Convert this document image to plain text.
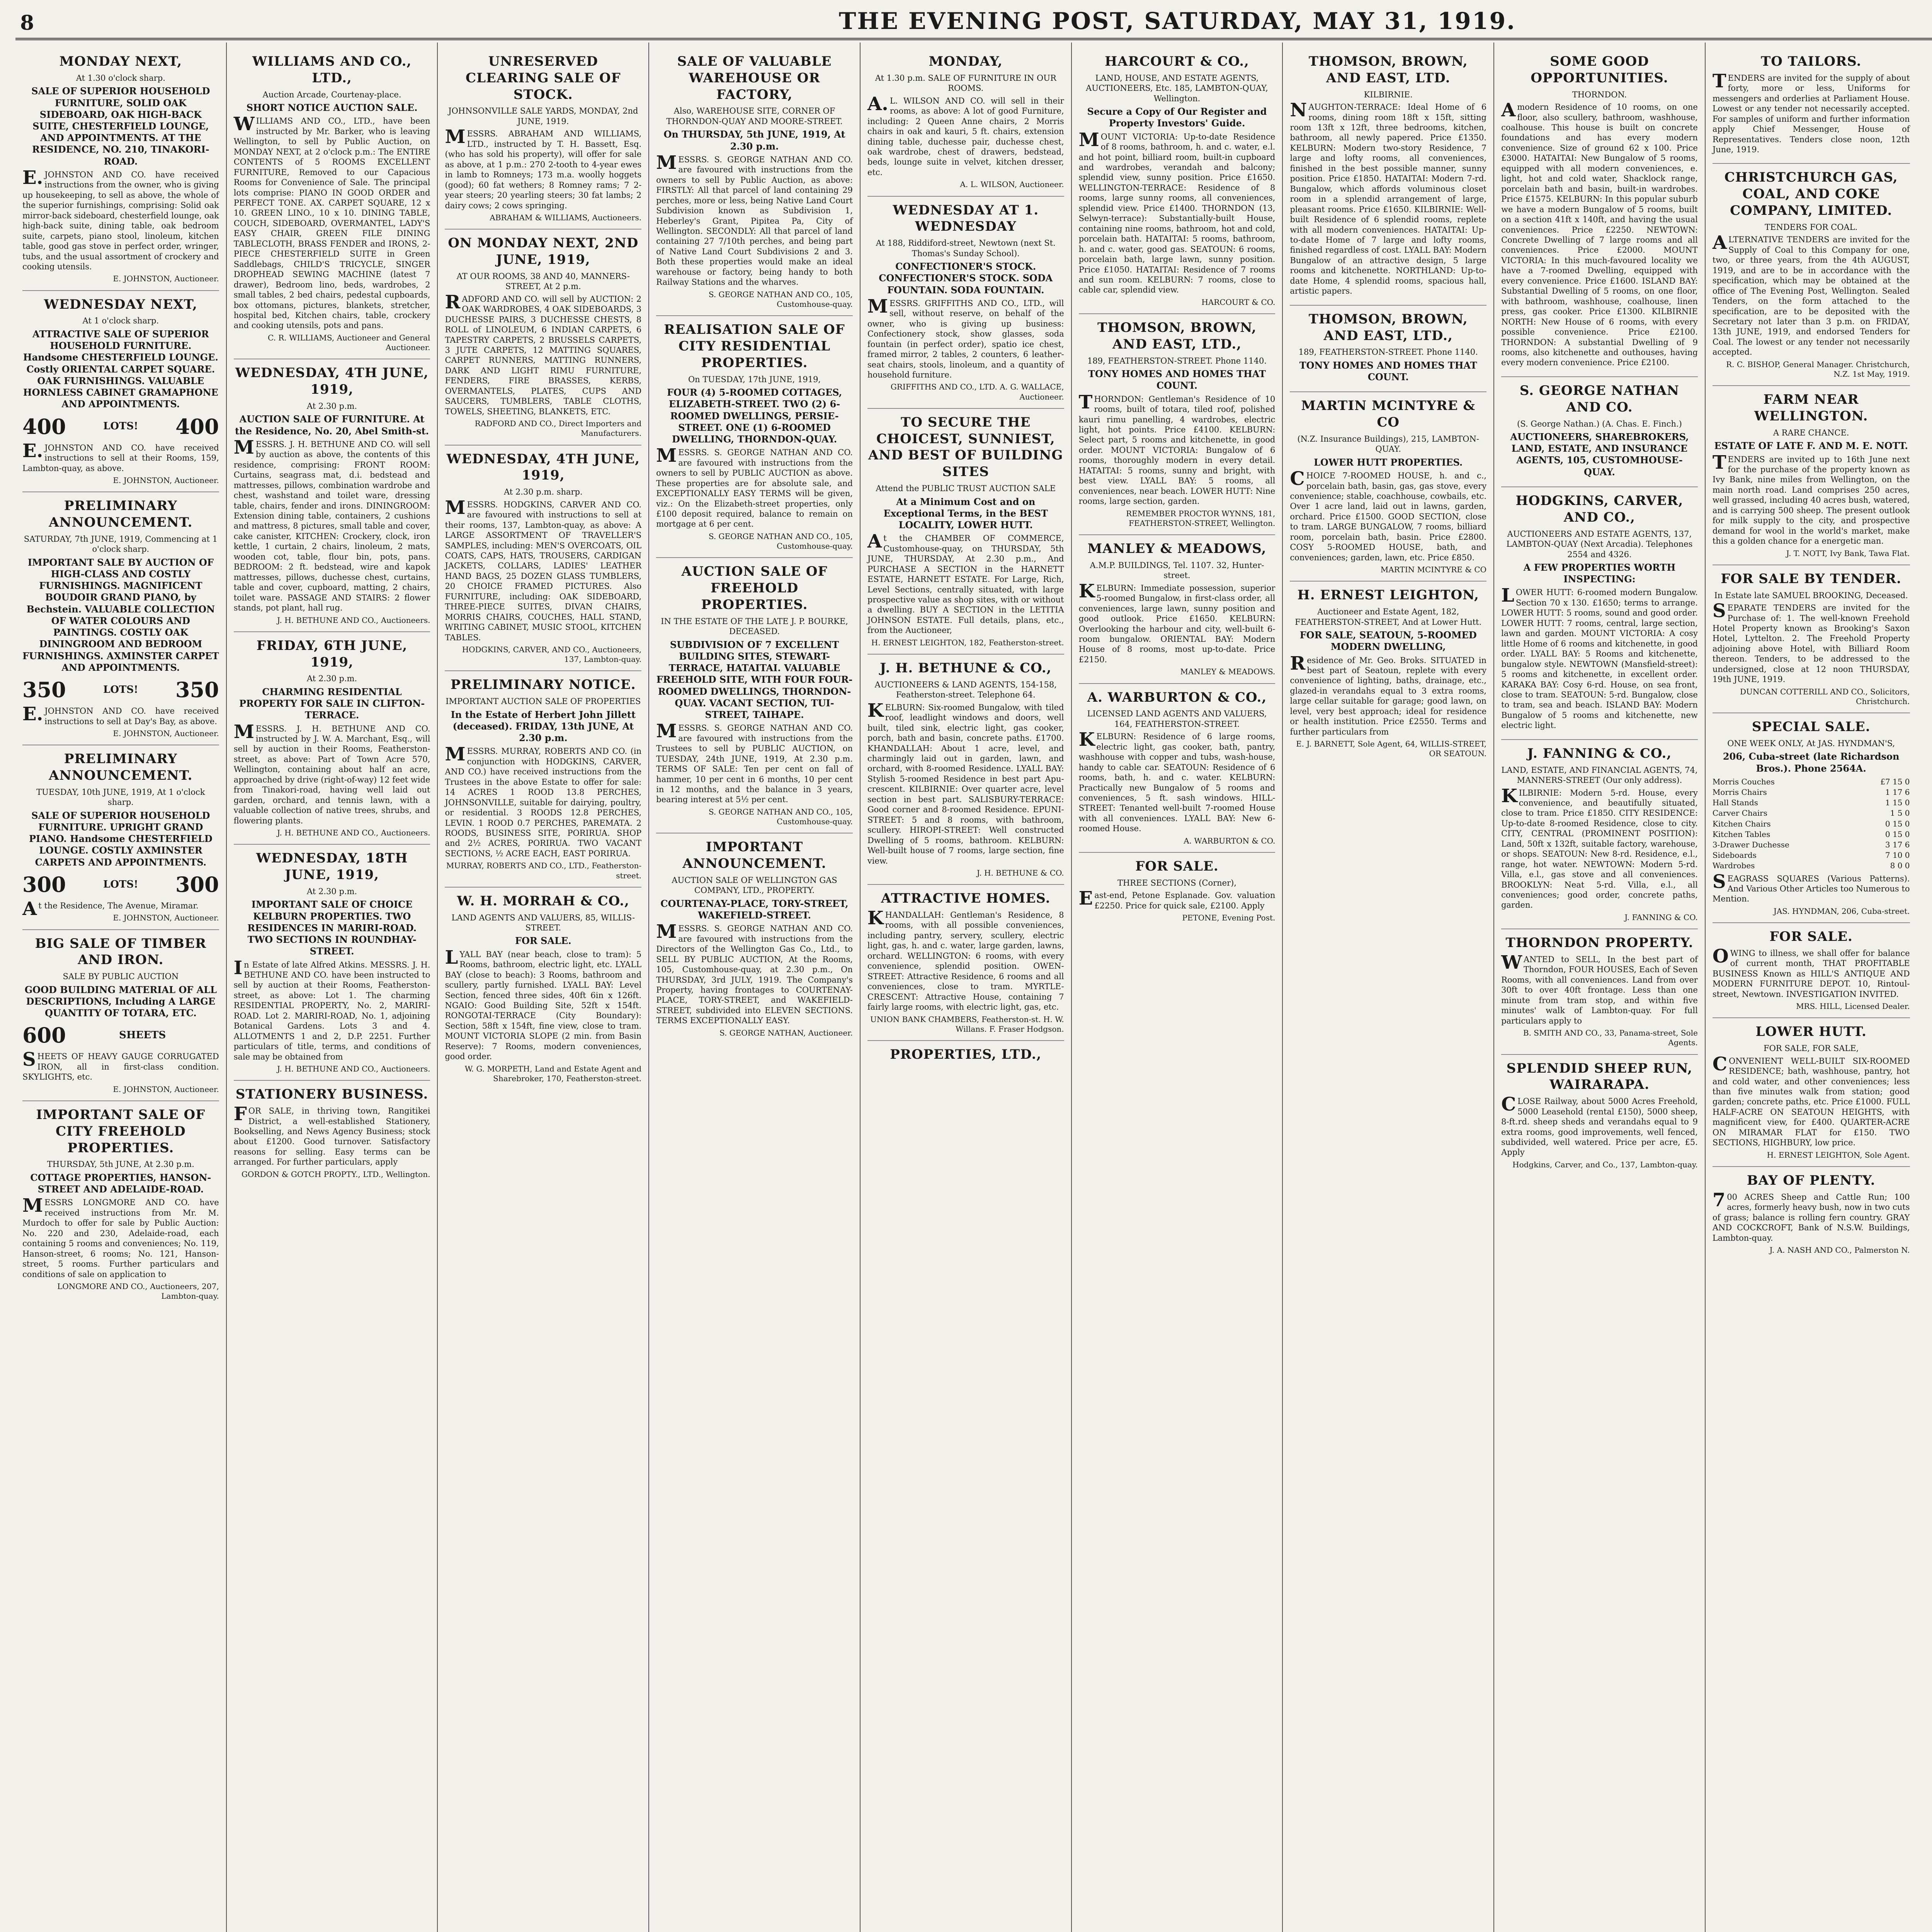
8	THE EVENING POST, SATURDAY, MAY 31, 1919.
MONDAY NEXT,
At 1.30 o'clock sharp.
SALE OF SUPERIOR HOUSEHOLD FURNITURE, SOLID OAK SIDEBOARD, OAK HIGH-BACK SUITE, CHESTERFIELD LOUNGE, AND APPOINTMENTS. AT THE RESIDENCE, NO. 210, TINAKORI-ROAD.

E.JOHNSTON AND CO. have received instructions from the owner, who is giving up housekeeping, to sell as above, the whole of the superior furnishings, comprising: Solid oak mirror-back sideboard, chesterfield lounge, oak high-back suite, dining table, oak bedroom suite, carpets, piano stool, linoleum, kitchen table, good gas stove in perfect order, wringer, tubs, and the usual assortment of crockery and cooking utensils.

E. JOHNSTON, Auctioneer.
WEDNESDAY NEXT,
At 1 o'clock sharp.
ATTRACTIVE SALE OF SUPERIOR HOUSEHOLD FURNITURE. Handsome CHESTERFIELD LOUNGE. Costly ORIENTAL CARPET SQUARE. OAK FURNISHINGS. VALUABLE HORNLESS CABINET GRAMAPHONE AND APPOINTMENTS.
400	LOTS! 400

E.JOHNSTON AND CO. have received instructions to sell at their Rooms, 159, Lambton-quay, as above.

E. JOHNSTON, Auctioneer.
PRELIMINARY ANNOUNCEMENT.
SATURDAY, 7th JUNE, 1919, Commencing at 1 o'clock sharp.
IMPORTANT SALE BY AUCTION OF HIGH-CLASS AND COSTLY FURNISHINGS. MAGNIFICENT BOUDOIR GRAND PIANO, by Bechstein. VALUABLE COLLECTION OF WATER COLOURS AND PAINTINGS. COSTLY OAK DININGROOM AND BEDROOM FURNISHINGS. AXMINSTER CARPET AND APPOINTMENTS.
350	LOTS! 350

E.JOHNSTON AND CO. have received instructions to sell at Day's Bay, as above.

E. JOHNSTON, Auctioneer.
PRELIMINARY ANNOUNCEMENT.
TUESDAY, 10th JUNE, 1919, At 1 o'clock sharp.
SALE OF SUPERIOR HOUSEHOLD FURNITURE. UPRIGHT GRAND PIANO. Handsome CHESTERFIELD LOUNGE. COSTLY AXMINSTER CARPETS AND APPOINTMENTS.
300	LOTS! 300

At the Residence, The Avenue, Miramar.

E. JOHNSTON, Auctioneer.
BIG SALE OF TIMBER AND IRON.
SALE BY PUBLIC AUCTION
GOOD BUILDING MATERIAL OF ALL DESCRIPTIONS, Including A LARGE QUANTITY OF TOTARA, ETC.
600	SHEETS

SHEETS OF HEAVY GAUGE CORRUGATED IRON, all in first-class condition. SKYLIGHTS, etc.

E. JOHNSTON, Auctioneer.
IMPORTANT SALE OF CITY FREEHOLD PROPERTIES.
THURSDAY, 5th JUNE, At 2.30 p.m.
COTTAGE PROPERTIES, HANSON-STREET AND ADELAIDE-ROAD.

MESSRS LONGMORE AND CO. have received instructions from Mr. M. Murdoch to offer for sale by Public Auction: No. 220 and 230, Adelaide-road, each containing 5 rooms and conveniences; No. 119, Hanson-street, 6 rooms; No. 121, Hanson-street, 5 rooms. Further particulars and conditions of sale on application to

LONGMORE AND CO., Auctioneers, 207, Lambton-quay.
WILLIAMS AND CO., LTD.,
Auction Arcade, Courtenay-place.
SHORT NOTICE AUCTION SALE.

WILLIAMS AND CO., LTD., have been instructed by Mr. Barker, who is leaving Wellington, to sell by Public Auction, on MONDAY NEXT, at 2 o'clock p.m.: The ENTIRE CONTENTS of 5 ROOMS EXCELLENT FURNITURE, Removed to our Capacious Rooms for Convenience of Sale. The principal lots comprise: PIANO IN GOOD ORDER and PERFECT TONE. AX. CARPET SQUARE, 12 x 10. GREEN LINO., 10 x 10. DINING TABLE, COUCH, SIDEBOARD, OVERMANTEL, LADY'S EASY CHAIR, GREEN FILE DINING TABLECLOTH, BRASS FENDER and IRONS, 2-PIECE CHESTERFIELD SUITE in Green Saddlebags, CHILD'S TRICYCLE, SINGER DROPHEAD SEWING MACHINE (latest 7 drawer), Bedroom lino, beds, wardrobes, 2 small tables, 2 bed chairs, pedestal cupboards, box ottomans, pictures, blankets, stretcher, hospital bed, Kitchen chairs, table, crockery and cooking utensils, pots and pans.

C. R. WILLIAMS, Auctioneer and General Auctioneer.
WEDNESDAY, 4TH JUNE, 1919,
At 2.30 p.m.
AUCTION SALE OF FURNITURE. At the Residence, No. 20, Abel Smith-st.

MESSRS. J. H. BETHUNE AND CO. will sell by auction as above, the contents of this residence, comprising: FRONT ROOM: Curtains, seagrass mat, d.i. bedstead and mattresses, pillows, combination wardrobe and chest, washstand and toilet ware, dressing table, chairs, fender and irons. DININGROOM: Extension dining table, containers, 2 cushions and mattress, 8 pictures, small table and cover, cake canister, KITCHEN: Crockery, clock, iron kettle, 1 curtain, 2 chairs, linoleum, 2 mats, wooden cot, table, flour bin, pots, pans. BEDROOM: 2 ft. bedstead, wire and kapok mattresses, pillows, duchesse chest, curtains, table and cover, cupboard, matting, 2 chairs, toilet ware. PASSAGE AND STAIRS: 2 flower stands, pot plant, hall rug.

J. H. BETHUNE AND CO., Auctioneers.
FRIDAY, 6TH JUNE, 1919,
At 2.30 p.m.
CHARMING RESIDENTIAL PROPERTY FOR SALE IN CLIFTON-TERRACE.

MESSRS. J. H. BETHUNE AND CO. instructed by J. W. A. Marchant, Esq., will sell by auction in their Rooms, Featherston-street, as above: Part of Town Acre 570, Wellington, containing about half an acre, approached by drive (right-of-way) 12 feet wide from Tinakori-road, having well laid out garden, orchard, and tennis lawn, with a valuable collection of native trees, shrubs, and flowering plants.

J. H. BETHUNE AND CO., Auctioneers.
WEDNESDAY, 18TH JUNE, 1919,
At 2.30 p.m.
IMPORTANT SALE OF CHOICE KELBURN PROPERTIES. TWO RESIDENCES IN MARIRI-ROAD. TWO SECTIONS IN ROUNDHAY-STREET.

In Estate of late Alfred Atkins. MESSRS. J. H. BETHUNE AND CO. have been instructed to sell by auction at their Rooms, Featherston-street, as above: Lot 1. The charming RESIDENTIAL PROPERTY, No. 2, MARIRI-ROAD. Lot 2. MARIRI-ROAD, No. 1, adjoining Botanical Gardens. Lots 3 and 4. ALLOTMENTS 1 and 2, D.P. 2251. Further particulars of title, terms, and conditions of sale may be obtained from

J. H. BETHUNE AND CO., Auctioneers.
STATIONERY BUSINESS.

FOR SALE, in thriving town, Rangitikei District, a well-established Stationery, Bookselling, and News Agency Business; stock about £1200. Good turnover. Satisfactory reasons for selling. Easy terms can be arranged. For further particulars, apply

GORDON & GOTCH PROPTY., LTD., Wellington.
UNRESERVED CLEARING SALE OF STOCK.
JOHNSONVILLE SALE YARDS, MONDAY, 2nd JUNE, 1919.

MESSRS. ABRAHAM AND WILLIAMS, LTD., instructed by T. H. Bassett, Esq. (who has sold his property), will offer for sale as above, at 1 p.m.: 270 2-tooth to 4-year ewes in lamb to Romneys; 173 m.a. woolly hoggets (good); 60 fat wethers; 8 Romney rams; 7 2-year steers; 20 yearling steers; 30 fat lambs; 2 dairy cows; 2 cows springing.

ABRAHAM & WILLIAMS, Auctioneers.
ON MONDAY NEXT, 2ND JUNE, 1919,
AT OUR ROOMS, 38 AND 40, MANNERS-STREET, At 2 p.m.

RADFORD AND CO. will sell by AUCTION: 2 OAK WARDROBES, 4 OAK SIDEBOARDS, 3 DUCHESSE PAIRS, 3 DUCHESSE CHESTS, 8 ROLL of LINOLEUM, 6 INDIAN CARPETS, 6 TAPESTRY CARPETS, 2 BRUSSELS CARPETS, 3 JUTE CARPETS, 12 MATTING SQUARES, CARPET RUNNERS, MATTING RUNNERS, DARK AND LIGHT RIMU FURNITURE, FENDERS, FIRE BRASSES, KERBS, OVERMANTELS, PLATES, CUPS AND SAUCERS, TUMBLERS, TABLE CLOTHS, TOWELS, SHEETING, BLANKETS, ETC.

RADFORD AND CO., Direct Importers and Manufacturers.
WEDNESDAY, 4TH JUNE, 1919,
At 2.30 p.m. sharp.

MESSRS. HODGKINS, CARVER AND CO. are favoured with instructions to sell at their rooms, 137, Lambton-quay, as above: A LARGE ASSORTMENT OF TRAVELLER'S SAMPLES, including: MEN'S OVERCOATS, OIL COATS, CAPS, HATS, TROUSERS, CARDIGAN JACKETS, COLLARS, LADIES' LEATHER HAND BAGS, 25 DOZEN GLASS TUMBLERS, 20 CHOICE FRAMED PICTURES. Also FURNITURE, including: OAK SIDEBOARD, THREE-PIECE SUITES, DIVAN CHAIRS, MORRIS CHAIRS, COUCHES, HALL STAND, WRITING CABINET, MUSIC STOOL, KITCHEN TABLES.

HODGKINS, CARVER, AND CO., Auctioneers, 137, Lambton-quay.
PRELIMINARY NOTICE.
IMPORTANT AUCTION SALE OF PROPERTIES
In the Estate of Herbert John Jillett (deceased). FRIDAY, 13th JUNE, At 2.30 p.m.

MESSRS. MURRAY, ROBERTS AND CO. (in conjunction with HODGKINS, CARVER, AND CO.) have received instructions from the Trustees in the above Estate to offer for sale: 14 ACRES 1 ROOD 13.8 PERCHES, JOHNSONVILLE, suitable for dairying, poultry, or residential. 3 ROODS 12.8 PERCHES, LEVIN. 1 ROOD 0.7 PERCHES, PAREMATA. 2 ROODS, BUSINESS SITE, PORIRUA. SHOP and 2½ ACRES, PORIRUA. TWO VACANT SECTIONS, ½ ACRE EACH, EAST PORIRUA.

MURRAY, ROBERTS AND CO., LTD., Featherston-street.
W. H. MORRAH & CO.,
LAND AGENTS AND VALUERS, 85, WILLIS-STREET.
FOR SALE.

LYALL BAY (near beach, close to tram): 5 Rooms, bathroom, electric light, etc. LYALL BAY (close to beach): 3 Rooms, bathroom and scullery, partly furnished. LYALL BAY: Level Section, fenced three sides, 40ft 6in x 126ft. NGAIO: Good Building Site, 52ft x 154ft. RONGOTAI-TERRACE (City Boundary): Section, 58ft x 154ft, fine view, close to tram. MOUNT VICTORIA SLOPE (2 min. from Basin Reserve): 7 Rooms, modern conveniences, good order.

W. G. MORPETH, Land and Estate Agent and Sharebroker, 170, Featherston-street.
SALE OF VALUABLE WAREHOUSE OR FACTORY,
Also, WAREHOUSE SITE, CORNER OF THORNDON-QUAY AND MOORE-STREET.
On THURSDAY, 5th JUNE, 1919, At 2.30 p.m.

MESSRS. S. GEORGE NATHAN AND CO. are favoured with instructions from the owners to sell by Public Auction, as above: FIRSTLY: All that parcel of land containing 29 perches, more or less, being Native Land Court Subdivision known as Subdivision 1, Heberley's Grant, Pipitea Pa, City of Wellington. SECONDLY: All that parcel of land containing 27 7/10th perches, and being part of Native Land Court Subdivisions 2 and 3. Both these properties would make an ideal warehouse or factory, being handy to both Railway Stations and the wharves.

S. GEORGE NATHAN AND CO., 105, Customhouse-quay.
REALISATION SALE OF CITY RESIDENTIAL PROPERTIES.
On TUESDAY, 17th JUNE, 1919,
FOUR (4) 5-ROOMED COTTAGES, ELIZABETH-STREET. TWO (2) 6-ROOMED DWELLINGS, PERSIE-STREET. ONE (1) 6-ROOMED DWELLING, THORNDON-QUAY.

MESSRS. S. GEORGE NATHAN AND CO. are favoured with instructions from the owners to sell by PUBLIC AUCTION as above. These properties are for absolute sale, and EXCEPTIONALLY EASY TERMS will be given, viz.: On the Elizabeth-street properties, only £100 deposit required, balance to remain on mortgage at 6 per cent.

S. GEORGE NATHAN AND CO., 105, Customhouse-quay.
AUCTION SALE OF FREEHOLD PROPERTIES.
IN THE ESTATE OF THE LATE J. P. BOURKE, DECEASED.
SUBDIVISION OF 7 EXCELLENT BUILDING SITES, STEWART-TERRACE, HATAITAI. VALUABLE FREEHOLD SITE, WITH FOUR FOUR-ROOMED DWELLINGS, THORNDON-QUAY. VACANT SECTION, TUI-STREET, TAIHAPE.

MESSRS. S. GEORGE NATHAN AND CO. are favoured with instructions from the Trustees to sell by PUBLIC AUCTION, on TUESDAY, 24th JUNE, 1919, At 2.30 p.m. TERMS OF SALE: Ten per cent on fall of hammer, 10 per cent in 6 months, 10 per cent in 12 months, and the balance in 3 years, bearing interest at 5½ per cent.

S. GEORGE NATHAN AND CO., 105, Customhouse-quay.
IMPORTANT ANNOUNCEMENT.
AUCTION SALE OF WELLINGTON GAS COMPANY, LTD., PROPERTY.
COURTENAY-PLACE, TORY-STREET, WAKEFIELD-STREET.

MESSRS. S. GEORGE NATHAN AND CO. are favoured with instructions from the Directors of the Wellington Gas Co., Ltd., to SELL BY PUBLIC AUCTION, At the Rooms, 105, Customhouse-quay, at 2.30 p.m., On THURSDAY, 3rd JULY, 1919. The Company's Property, having frontages to COURTENAY-PLACE, TORY-STREET, and WAKEFIELD-STREET, subdivided into ELEVEN SECTIONS. TERMS EXCEPTIONALLY EASY.

S. GEORGE NATHAN, Auctioneer.
MONDAY,
At 1.30 p.m. SALE OF FURNITURE IN OUR ROOMS.

A.L. WILSON AND CO. will sell in their rooms, as above: A lot of good Furniture, including: 2 Queen Anne chairs, 2 Morris chairs in oak and kauri, 5 ft. chairs, extension dining table, duchesse pair, duchesse chest, oak wardrobe, chest of drawers, bedstead, beds, lounge suite in velvet, kitchen dresser, etc.

A. L. WILSON, Auctioneer.
WEDNESDAY AT 1. WEDNESDAY
At 188, Riddiford-street, Newtown (next St. Thomas's Sunday School).
CONFECTIONER'S STOCK. CONFECTIONER'S STOCK. SODA FOUNTAIN. SODA FOUNTAIN.

MESSRS. GRIFFITHS AND CO., LTD., will sell, without reserve, on behalf of the owner, who is giving up business: Confectionery stock, show glasses, soda fountain (in perfect order), spatio ice chest, framed mirror, 2 tables, 2 counters, 6 leather-seat chairs, stools, linoleum, and a quantity of household furniture.

GRIFFITHS AND CO., LTD. A. G. WALLACE, Auctioneer.
TO SECURE THE CHOICEST, SUNNIEST, AND BEST OF BUILDING SITES
Attend the PUBLIC TRUST AUCTION SALE
At a Minimum Cost and on Exceptional Terms, in the BEST LOCALITY, LOWER HUTT.

At the CHAMBER OF COMMERCE, Customhouse-quay, on THURSDAY, 5th JUNE, THURSDAY, At 2.30 p.m., And PURCHASE A SECTION in the HARNETT ESTATE, HARNETT ESTATE. For Large, Rich, Level Sections, centrally situated, with large prospective value as shop sites, with or without a dwelling. BUY A SECTION in the LETITIA JOHNSON ESTATE. Full details, plans, etc., from the Auctioneer,

H. ERNEST LEIGHTON, 182, Featherston-street.
J. H. BETHUNE & CO.,
AUCTIONEERS & LAND AGENTS, 154-158, Featherston-street. Telephone 64.

KELBURN: Six-roomed Bungalow, with tiled roof, leadlight windows and doors, well built, tiled sink, electric light, gas cooker, porch, bath and basin, concrete paths. £1700. KHANDALLAH: About 1 acre, level, and charmingly laid out in garden, lawn, and orchard, with 8-roomed Residence. LYALL BAY: Stylish 5-roomed Residence in best part Apu-crescent. KILBIRNIE: Over quarter acre, level section in best part. SALISBURY-TERRACE: Good corner and 8-roomed Residence. EPUNI-STREET: 5 and 8 rooms, with bathroom, scullery. HIROPI-STREET: Well constructed Dwelling of 5 rooms, bathroom. KELBURN: Well-built house of 7 rooms, large section, fine view.

J. H. BETHUNE & CO.
ATTRACTIVE HOMES.

KHANDALLAH: Gentleman's Residence, 8 rooms, with all possible conveniences, including pantry, servery, scullery, electric light, gas, h. and c. water, large garden, lawns, orchard. WELLINGTON: 6 rooms, with every convenience, splendid position. OWEN-STREET: Attractive Residence, 6 rooms and all conveniences, close to tram. MYRTLE-CRESCENT: Attractive House, containing 7 fairly large rooms, with electric light, gas, etc.

UNION BANK CHAMBERS, Featherston-st. H. W. Willans. F. Fraser Hodgson.
PROPERTIES, LTD.,
HARCOURT & CO.,
LAND, HOUSE, AND ESTATE AGENTS, AUCTIONEERS, Etc. 185, LAMBTON-QUAY, Wellington.
Secure a Copy of Our Register and Property Investors' Guide.

MOUNT VICTORIA: Up-to-date Residence of 8 rooms, bathroom, h. and c. water, e.l. and hot point, billiard room, built-in cupboard and wardrobes, verandah and balcony; splendid view, sunny position. Price £1650. WELLINGTON-TERRACE: Residence of 8 rooms, large sunny rooms, all conveniences, splendid view. Price £1400. THORNDON (13, Selwyn-terrace): Substantially-built House, containing nine rooms, bathroom, hot and cold, porcelain bath. HATAITAI: 5 rooms, bathroom, h. and c. water, good gas. SEATOUN: 6 rooms, porcelain bath, large lawn, sunny position. Price £1050. HATAITAI: Residence of 7 rooms and sun room. KELBURN: 7 rooms, close to cable car, splendid view.

HARCOURT & CO.
THOMSON, BROWN, AND EAST, LTD.,
189, FEATHERSTON-STREET. Phone 1140.
TONY HOMES AND HOMES THAT COUNT.

THORNDON: Gentleman's Residence of 10 rooms, built of totara, tiled roof, polished kauri rimu panelling, 4 wardrobes, electric light, hot points. Price £4100. KELBURN: Select part, 5 rooms and kitchenette, in good order. MOUNT VICTORIA: Bungalow of 6 rooms, thoroughly modern in every detail. HATAITAI: 5 rooms, sunny and bright, with best view. LYALL BAY: 5 rooms, all conveniences, near beach. LOWER HUTT: Nine rooms, large section, garden.

REMEMBER PROCTOR WYNNS, 181, FEATHERSTON-STREET, Wellington.
MANLEY & MEADOWS,
A.M.P. BUILDINGS, Tel. 1107. 32, Hunter-street.

KELBURN: Immediate possession, superior 5-roomed Bungalow, in first-class order, all conveniences, large lawn, sunny position and good outlook. Price £1650. KELBURN: Overlooking the harbour and city, well-built 6-room bungalow. ORIENTAL BAY: Modern House of 8 rooms, most up-to-date. Price £2150.

MANLEY & MEADOWS.
A. WARBURTON & CO.,
LICENSED LAND AGENTS AND VALUERS, 164, FEATHERSTON-STREET.

KELBURN: Residence of 6 large rooms, electric light, gas cooker, bath, pantry, washhouse with copper and tubs, wash-house, handy to cable car. SEATOUN: Residence of 6 rooms, bath, h. and c. water. KELBURN: Practically new Bungalow of 5 rooms and conveniences, 5 ft. sash windows. HILL-STREET: Tenanted well-built 7-roomed House with all conveniences. LYALL BAY: New 6-roomed House.

A. WARBURTON & CO.
FOR SALE.
THREE SECTIONS (Corner),

East-end, Petone Esplanade. Gov. valuation £2250. Price for quick sale, £2100. Apply

PETONE, Evening Post.
THOMSON, BROWN, AND EAST, LTD.
KILBIRNIE.

NAUGHTON-TERRACE: Ideal Home of 6 rooms, dining room 18ft x 15ft, sitting room 13ft x 12ft, three bedrooms, kitchen, bathroom, all newly papered. Price £1350. KELBURN: Modern two-story Residence, 7 large and lofty rooms, all conveniences, finished in the best possible manner, sunny position. Price £1850. HATAITAI: Modern 7-rd. Bungalow, which affords voluminous closet room in a splendid arrangement of large, pleasant rooms. Price £1650. KILBIRNIE: Well-built Residence of 6 splendid rooms, replete with all modern conveniences. HATAITAI: Up-to-date Home of 7 large and lofty rooms, finished regardless of cost. LYALL BAY: Modern Bungalow of an attractive design, 5 large rooms and kitchenette. NORTHLAND: Up-to-date Home, 4 splendid rooms, spacious hall, artistic papers.

THOMSON, BROWN, AND EAST, LTD.,
189, FEATHERSTON-STREET. Phone 1140.
TONY HOMES AND HOMES THAT COUNT.
MARTIN MCINTYRE & CO
(N.Z. Insurance Buildings), 215, LAMBTON-QUAY.
LOWER HUTT PROPERTIES.

CHOICE 7-ROOMED HOUSE, h. and c., porcelain bath, basin, gas, gas stove, every convenience; stable, coachhouse, cowbails, etc. Over 1 acre land, laid out in lawns, garden, orchard. Price £1500. GOOD SECTION, close to tram. LARGE BUNGALOW, 7 rooms, billiard room, porcelain bath, basin. Price £2800. COSY 5-ROOMED HOUSE, bath, and conveniences; garden, lawn, etc. Price £850.

MARTIN MCINTYRE & CO
H. ERNEST LEIGHTON,
Auctioneer and Estate Agent, 182, FEATHERSTON-STREET, And at Lower Hutt.
FOR SALE, SEATOUN, 5-ROOMED MODERN DWELLING,

Residence of Mr. Geo. Broks. SITUATED in best part of Seatoun, replete with every convenience of lighting, baths, drainage, etc., glazed-in verandahs equal to 3 extra rooms, large cellar suitable for garage; good lawn, on level, very best approach; ideal for residence or health institution. Price £2550. Terms and further particulars from

E. J. BARNETT, Sole Agent, 64, WILLIS-STREET, OR SEATOUN.
SOME GOOD OPPORTUNITIES.
THORNDON.

Amodern Residence of 10 rooms, on one floor, also scullery, bathroom, washhouse, coalhouse. This house is built on concrete foundations and has every modern convenience. Size of ground 62 x 100. Price £3000. HATAITAI: New Bungalow of 5 rooms, equipped with all modern conveniences, e. light, hot and cold water, Shacklock range, porcelain bath and basin, built-in wardrobes. Price £1575. KELBURN: In this popular suburb we have a modern Bungalow of 5 rooms, built on a section 41ft x 140ft, and having the usual conveniences. Price £2250. NEWTOWN: Concrete Dwelling of 7 large rooms and all conveniences. Price £2000. MOUNT VICTORIA: In this much-favoured locality we have a 7-roomed Dwelling, equipped with every convenience. Price £1600. ISLAND BAY: Substantial Dwelling of 5 rooms, on one floor, with bathroom, washhouse, coalhouse, linen press, gas cooker. Price £1300. KILBIRNIE NORTH: New House of 6 rooms, with every possible convenience. Price £2100. THORNDON: A substantial Dwelling of 9 rooms, also kitchenette and outhouses, having every modern convenience. Price £2100.

S. GEORGE NATHAN AND CO.
(S. George Nathan.) (A. Chas. E. Finch.)
AUCTIONEERS, SHAREBROKERS, LAND, ESTATE, AND INSURANCE AGENTS, 105, CUSTOMHOUSE-QUAY.
HODGKINS, CARVER, AND CO.,
AUCTIONEERS AND ESTATE AGENTS, 137, LAMBTON-QUAY (Next Arcadia). Telephones 2554 and 4326.
A FEW PROPERTIES WORTH INSPECTING:

LOWER HUTT: 6-roomed modern Bungalow. Section 70 x 130. £1650; terms to arrange. LOWER HUTT: 5 rooms, sound and good order. LOWER HUTT: 7 rooms, central, large section, lawn and garden. MOUNT VICTORIA: A cosy little Home of 6 rooms and kitchenette, in good order. LYALL BAY: 5 Rooms and kitchenette, bungalow style. NEWTOWN (Mansfield-street): 5 rooms and kitchenette, in excellent order. KARAKA BAY: Cosy 6-rd. House, on sea front, close to tram. SEATOUN: 5-rd. Bungalow, close to tram, sea and beach. ISLAND BAY: Modern Bungalow of 5 rooms and kitchenette, new electric light.

J. FANNING & CO.,
LAND, ESTATE, AND FINANCIAL AGENTS, 74, MANNERS-STREET (Our only address).

KILBIRNIE: Modern 5-rd. House, every convenience, and beautifully situated, close to tram. Price £1850. CITY RESIDENCE: Up-to-date 8-roomed Residence, close to city. CITY, CENTRAL (PROMINENT POSITION): Land, 50ft x 132ft, suitable factory, warehouse, or shops. SEATOUN: New 8-rd. Residence, e.l., range, hot water. NEWTOWN: Modern 5-rd. Villa, e.l., gas stove and all conveniences. BROOKLYN: Neat 5-rd. Villa, e.l., all conveniences; good order, concrete paths, garden.

J. FANNING & CO.
THORNDON PROPERTY.

WANTED to SELL, In the best part of Thorndon, FOUR HOUSES, Each of Seven Rooms, with all conveniences. Land from over 30ft to over 40ft frontage. Less than one minute from tram stop, and within five minutes' walk of Lambton-quay. For full particulars apply to

B. SMITH AND CO., 33, Panama-street, Sole Agents.
SPLENDID SHEEP RUN, WAIRARAPA.

CLOSE Railway, about 5000 Acres Freehold, 5000 Leasehold (rental £150), 5000 sheep, 8-ft.rd. sheep sheds and verandahs equal to 9 extra rooms, good improvements, well fenced, subdivided, well watered. Price per acre, £5. Apply

Hodgkins, Carver, and Co., 137, Lambton-quay.
TO TAILORS.

TENDERS are invited for the supply of about forty, more or less, Uniforms for messengers and orderlies at Parliament House. Lowest or any tender not necessarily accepted. For samples of uniform and further information apply Chief Messenger, House of Representatives. Tenders close noon, 12th June, 1919.

CHRISTCHURCH GAS, COAL, AND COKE COMPANY, LIMITED.
TENDERS FOR COAL.

ALTERNATIVE TENDERS are invited for the Supply of Coal to this Company for one, two, or three years, from the 4th AUGUST, 1919, and are to be in accordance with the specification, which may be obtained at the office of The Evening Post, Wellington. Sealed Tenders, on the form attached to the specification, are to be deposited with the Secretary not later than 3 p.m. on FRIDAY, 13th JUNE, 1919, and endorsed Tenders for Coal. The lowest or any tender not necessarily accepted.

R. C. BISHOP, General Manager. Christchurch, N.Z. 1st May, 1919.
FARM NEAR WELLINGTON.
A RARE CHANCE.
ESTATE OF LATE F. AND M. E. NOTT.

TENDERS are invited up to 16th June next for the purchase of the property known as Ivy Bank, nine miles from Wellington, on the main north road. Land comprises 250 acres, well grassed, including 40 acres bush, watered, and is carrying 500 sheep. The present outlook for milk supply to the city, and prospective demand for wool in the world's market, make this a golden chance for a energetic man.

J. T. NOTT, Ivy Bank, Tawa Flat.
FOR SALE BY TENDER.
In Estate late SAMUEL BROOKING, Deceased.

SEPARATE TENDERS are invited for the Purchase of: 1. The well-known Freehold Hotel Property known as Brooking's Saxon Hotel, Lyttelton. 2. The Freehold Property adjoining above Hotel, with Billiard Room thereon. Tenders, to be addressed to the undersigned, close at 12 noon THURSDAY, 19th JUNE, 1919.

DUNCAN COTTERILL AND CO., Solicitors, Christchurch.
SPECIAL SALE.
ONE WEEK ONLY, At JAS. HYNDMAN'S,
206, Cuba-street (late Richardson Bros.). Phone 2564A.
Morris Couches	£7 15 0
Morris Chairs	1 17 6
Hall Stands	1 15 0
Carver Chairs	1 5 0
Kitchen Chairs	0 15 0
Kitchen Tables	0 15 0
3-Drawer Duchesse	3 17 6
Sideboards	7 10 0
Wardrobes	8 0 0

SEAGRASS SQUARES (Various Patterns). And Various Other Articles too Numerous to Mention.

JAS. HYNDMAN, 206, Cuba-street.
FOR SALE.

OWING to illness, we shall offer for balance of current month, THAT PROFITABLE BUSINESS Known as HILL'S ANTIQUE AND MODERN FURNITURE DEPOT. 10, Rintoul-street, Newtown. INVESTIGATION INVITED.

MRS. HILL, Licensed Dealer.
LOWER HUTT.
FOR SALE, FOR SALE,

CONVENIENT WELL-BUILT SIX-ROOMED RESIDENCE; bath, washhouse, pantry, hot and cold water, and other conveniences; less than five minutes walk from station; good garden; concrete paths, etc. Price £1000. FULL HALF-ACRE ON SEATOUN HEIGHTS, with magnificent view, for £400. QUARTER-ACRE ON MIRAMAR FLAT for £150. TWO SECTIONS, HIGHBURY, low price.

H. ERNEST LEIGHTON, Sole Agent.
BAY OF PLENTY.

700 ACRES Sheep and Cattle Run; 100 acres, formerly heavy bush, now in two cuts of grass; balance is rolling fern country. GRAY AND COCKCROFT, Bank of N.S.W. Buildings, Lambton-quay.

J. A. NASH AND CO., Palmerston N.
